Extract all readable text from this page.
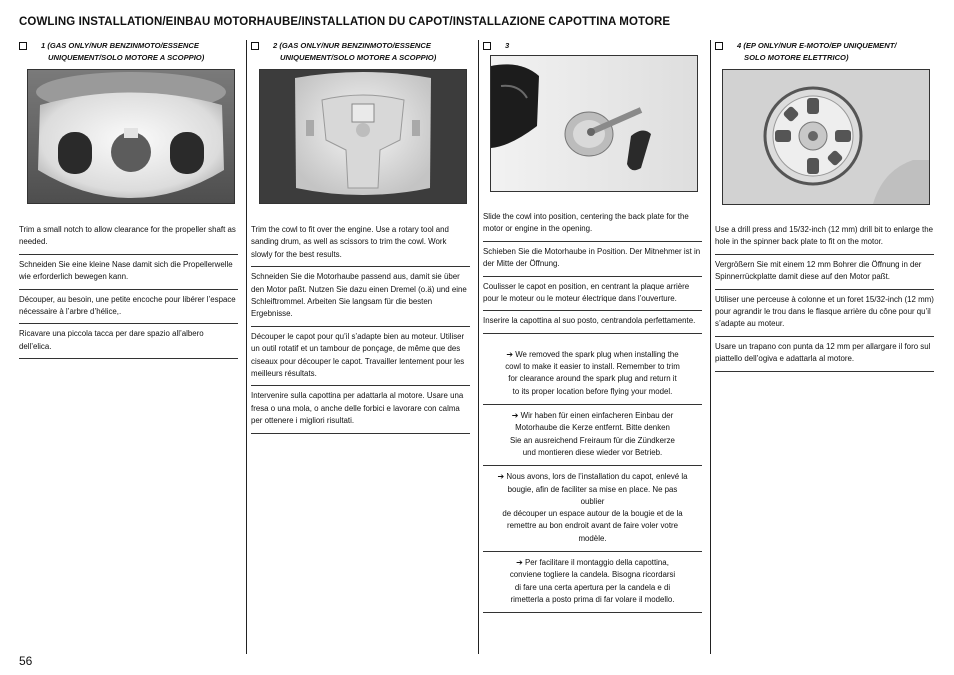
COWLING INSTALLATION/EINBAU MOTORHAUBE/INSTALLATION DU CAPOT/INSTALLAZIONE CAPOTTINA MOTORE
1 (GAS ONLY/NUR BENZINMOTO/ESSENCE
UNIQUEMENT/SOLO MOTORE A SCOPPIO)
Trim a small notch to allow clearance for the propeller shaft as needed.
Schneiden Sie eine kleine Nase damit sich die Propellerwelle wie erforderlich bewegen kann.
Découper, au besoin, une petite encoche pour libérer l’espace nécessaire à l’arbre d’hélice,.
Ricavare una piccola tacca per dare spazio all’albero dell’elica.
2 (GAS ONLY/NUR BENZINMOTO/ESSENCE
UNIQUEMENT/SOLO MOTORE A SCOPPIO)
Trim the cowl to fit over the engine. Use a rotary tool and sanding drum, as well as scissors to trim the cowl. Work slowly for the best results.
Schneiden Sie die Motorhaube passend aus, damit sie über den Motor paßt. Nutzen Sie dazu einen Dremel (o.ä) und eine Schleiftrommel. Arbeiten Sie langsam für die besten Ergebnisse.
Découper le capot pour qu’il s’adapte bien au moteur. Utiliser un outil rotatif et un tambour de ponçage, de même que des ciseaux pour découper le capot. Travailler lentement pour les meilleurs résultats.
Intervenire sulla capottina per adattarla al motore. Usare una fresa o una mola, o anche delle forbici e lavorare con calma per ottenere i migliori risultati.
3
Slide the cowl into position, centering the back plate for the motor or engine in the opening.
Schieben Sie die Motorhaube in Position. Der Mitnehmer ist in der Mitte der Öffnung.
Coulisser le capot en position, en centrant la plaque arrière pour le moteur ou le moteur électrique dans l’ouverture.
Inserire la capottina al suo posto, centrandola perfettamente.
➔ We removed the spark plug when installing the
cowl to make it easier to install. Remember to trim
for clearance around the spark plug and return it
to its proper location before flying your model.
➔ Wir haben für einen einfacheren Einbau der
Motorhaube die Kerze entfernt. Bitte denken
Sie an ausreichend Freiraum für die Zündkerze
und montieren diese wieder vor Betrieb.
➔ Nous avons, lors de l’installation du capot, enlevé la
bougie, afin de faciliter sa mise en place. Ne pas oublier
de découper un espace autour de la bougie et de la
remettre au bon endroit avant de faire voler votre modèle.
➔ Per facilitare il montaggio della capottina,
conviene togliere la candela. Bisogna ricordarsi
di fare una certa apertura per la candela e di
rimetterla a posto prima di far volare il modello.
4 (EP ONLY/NUR E-MOTO/EP UNIQUEMENT/
SOLO MOTORE ELETTRICO)
Use a drill press and 15/32-inch (12 mm) drill bit to enlarge the hole in the spinner back plate to fit on the motor.
Vergrößern Sie mit einem 12 mm Bohrer die Öffnung in der Spinnerrückplatte damit diese auf den Motor paßt.
Utiliser une perceuse à colonne et un foret 15/32-inch (12 mm) pour agrandir le trou dans le flasque arrière du cône pour qu’il s’adapte au moteur.
Usare un trapano con punta da 12 mm per allargare il foro sul piattello dell’ogiva e adattarla al motore.
56
